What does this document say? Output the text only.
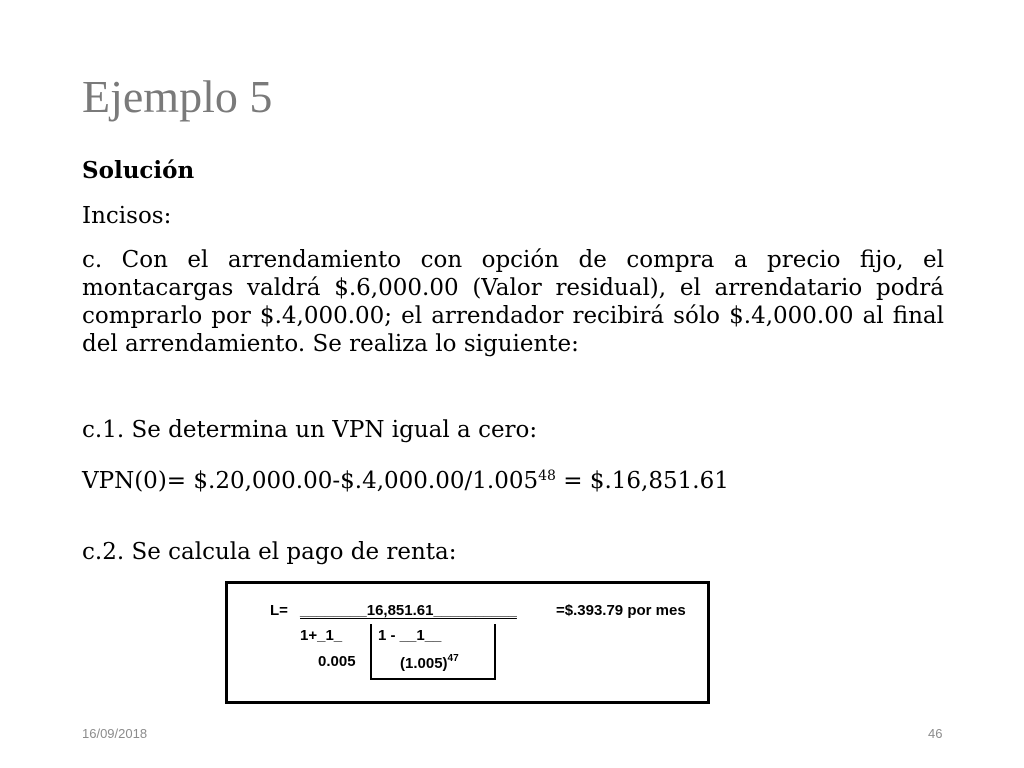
Ejemplo 5
Solución
Incisos:
c. Con el arrendamiento con opción de compra a precio fijo, el montacargas valdrá $.6,000.00 (Valor residual), el arrendatario podrá comprarlo por $.4,000.00; el arrendador recibirá sólo $.4,000.00 al final del arrendamiento. Se realiza lo siguiente:
c.1. Se determina un VPN igual a cero:
$VPN(0)= \$.20,000.00-\$.4,000.00/1.005^{48}$ = $.16,851.61
c.2. Se calcula el pago de renta:
L= ________16,851.61__________	=$.393.79 por mes
1+_1_ 1 - __1__
0.005	$(1.005)^{47}$
16/09/2018	46
